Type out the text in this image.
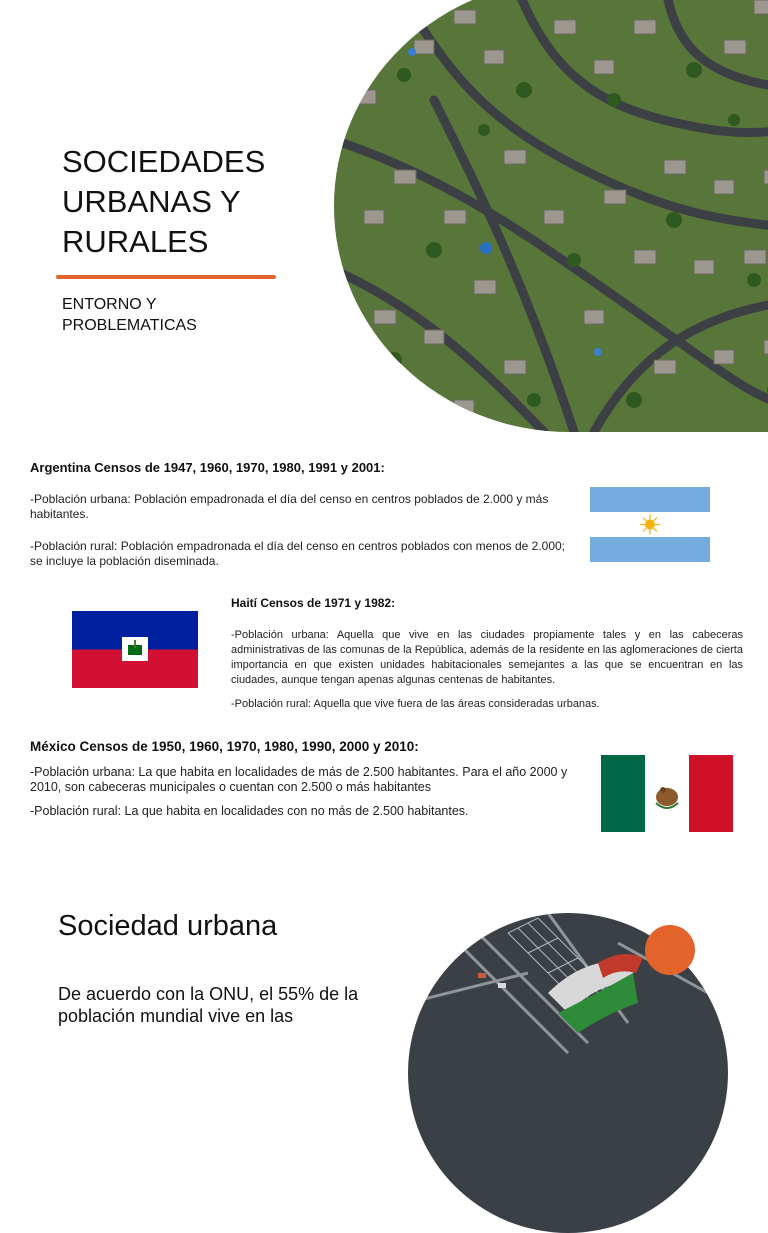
SOCIEDADES
URBANAS Y
RURALES
ENTORNO Y
PROBLEMATICAS
Argentina Censos de 1947, 1960, 1970, 1980, 1991 y 2001:
-Población urbana: Población empadronada el día del censo en centros poblados de 2.000 y más habitantes.
-Población rural: Población empadronada el día del censo en centros poblados con menos de 2.000; se incluye la población diseminada.
Haití Censos de 1971 y 1982:
-Población urbana: Aquella que vive en las ciudades propiamente tales y en las cabeceras administrativas de las comunas de la República, además de la residente en las aglomeraciones de cierta importancia en que existen unidades habitacionales semejantes a las que se encuentran en las ciudades, aunque tengan apenas algunas centenas de habitantes.
-Población rural: Aquella que vive fuera de las áreas consideradas urbanas.
México Censos de 1950, 1960, 1970, 1980, 1990, 2000 y 2010:
-Población urbana: La que habita en localidades de más de 2.500 habitantes. Para el año 2000 y 2010, son cabeceras municipales o cuentan con 2.500 o más habitantes
-Población rural: La que habita en localidades con no más de 2.500 habitantes.
Sociedad urbana
De acuerdo con la ONU, el 55% de la población mundial vive en las
